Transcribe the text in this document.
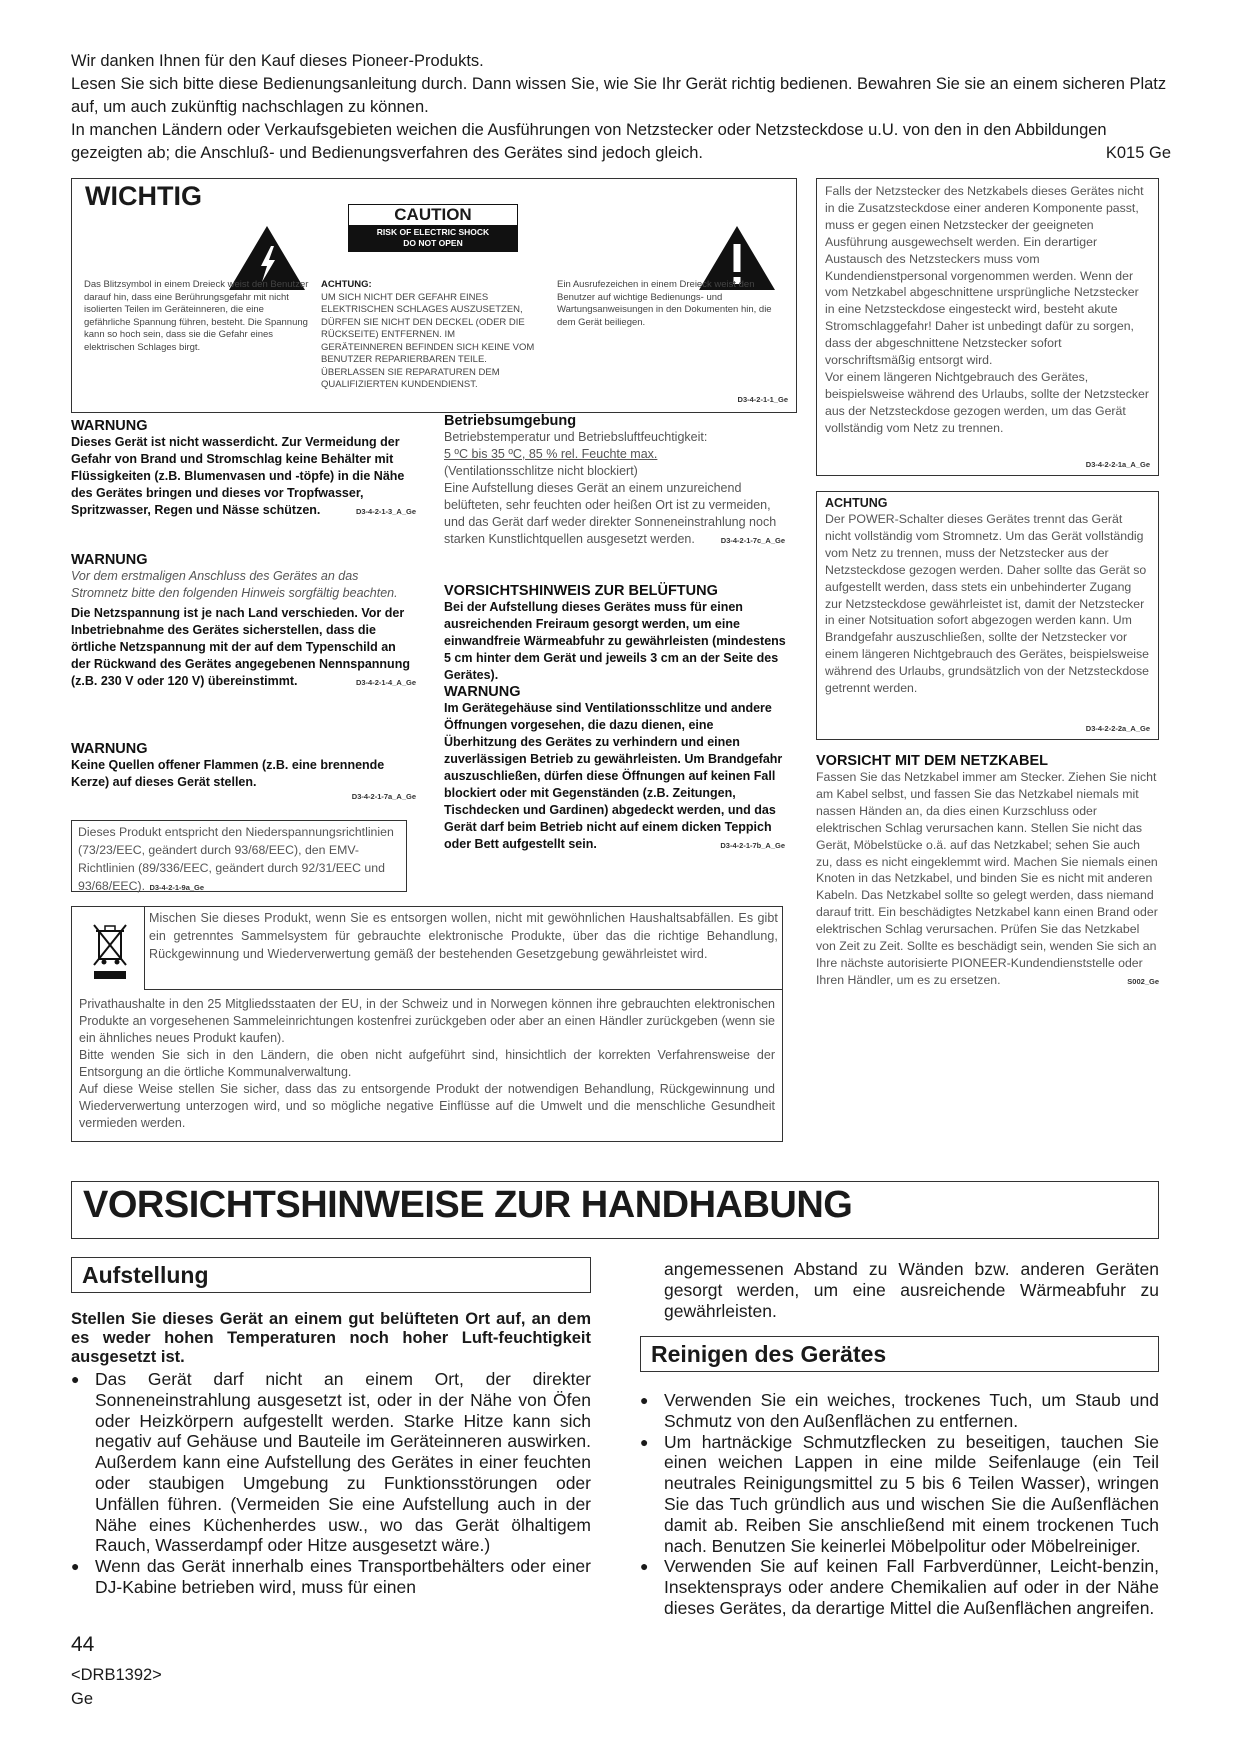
Wir danken Ihnen für den Kauf dieses Pioneer-Produkts.

Lesen Sie sich bitte diese Bedienungsanleitung durch. Dann wissen Sie, wie Sie Ihr Gerät richtig bedienen. Bewahren Sie sie an einem sicheren Platz auf, um auch zukünftig nachschlagen zu können.

In manchen Ländern oder Verkaufsgebieten weichen die Ausführungen von Netzstecker oder Netzsteckdose u.U. von den in den Abbildungen gezeigten ab; die Anschluß- und Bedienungsverfahren des Gerätes sind jedoch gleich.	K015 Ge
WICHTIG
CAUTION
RISK OF ELECTRIC SHOCK
DO NOT OPEN
Das Blitzsymbol in einem Dreieck weist den Benutzer darauf hin, dass eine Berührungsgefahr mit nicht isolierten Teilen im Geräteinneren, die eine gefährliche Spannung führen, besteht. Die Spannung kann so hoch sein, dass sie die Gefahr eines elektrischen Schlages birgt.
ACHTUNG:
UM SICH NICHT DER GEFAHR EINES ELEKTRISCHEN SCHLAGES AUSZUSETZEN, DÜRFEN SIE NICHT DEN DECKEL (ODER DIE RÜCKSEITE) ENTFERNEN. IM GERÄTEINNEREN BEFINDEN SICH KEINE VOM BENUTZER REPARIERBAREN TEILE. ÜBERLASSEN SIE REPARATUREN DEM QUALIFIZIERTEN KUNDENDIENST.
Ein Ausrufezeichen in einem Dreieck weist den Benutzer auf wichtige Bedienungs- und Wartungsanweisungen in den Dokumenten hin, die dem Gerät beiliegen.
D3-4-2-1-1_Ge

Falls der Netzstecker des Netzkabels dieses Gerätes nicht in die Zusatzsteckdose einer anderen Komponente passt, muss er gegen einen Netzstecker der geeigneten Ausführung ausgewechselt werden. Ein derartiger Austausch des Netzsteckers muss vom Kundendienstpersonal vorgenommen werden. Wenn der vom Netzkabel abgeschnittene ursprüngliche Netzstecker in eine Netzsteckdose eingesteckt wird, besteht akute Stromschlaggefahr! Daher ist unbedingt dafür zu sorgen, dass der abgeschnittene Netzstecker sofort vorschriftsmäßig entsorgt wird.

Vor einem längeren Nichtgebrauch des Gerätes, beispielsweise während des Urlaubs, sollte der Netzstecker aus der Netzsteckdose gezogen werden, um das Gerät vollständig vom Netz zu trennen.

D3-4-2-2-1a_A_Ge
WARNUNG
Dieses Gerät ist nicht wasserdicht. Zur Vermeidung der Gefahr von Brand und Stromschlag keine Behälter mit Flüssigkeiten (z.B. Blumenvasen und -töpfe) in die Nähe des Gerätes bringen und dieses vor Tropfwasser, Spritzwasser, Regen und Nässe schützen.	D3-4-2-1-3_A_Ge
WARNUNG
Vor dem erstmaligen Anschluss des Gerätes an das Stromnetz bitte den folgenden Hinweis sorgfältig beachten.
Die Netzspannung ist je nach Land verschieden. Vor der Inbetriebnahme des Gerätes sicherstellen, dass die örtliche Netzspannung mit der auf dem Typenschild an der Rückwand des Gerätes angegebenen Nennspannung (z.B. 230 V oder 120 V) übereinstimmt.	D3-4-2-1-4_A_Ge
WARNUNG
Keine Quellen offener Flammen (z.B. eine brennende Kerze) auf dieses Gerät stellen.
D3-4-2-1-7a_A_Ge
Dieses Produkt entspricht den Niederspannungsrichtlinien (73/23/EEC, geändert durch 93/68/EEC), den EMV-Richtlinien (89/336/EEC, geändert durch 92/31/EEC und 93/68/EEC). D3-4-2-1-9a_Ge
Betriebsumgebung
Betriebstemperatur und Betriebsluftfeuchtigkeit:
5 ºC bis 35 ºC, 85 % rel. Feuchte max.
(Ventilationsschlitze nicht blockiert)
Eine Aufstellung dieses Gerät an einem unzureichend belüfteten, sehr feuchten oder heißen Ort ist zu vermeiden, und das Gerät darf weder direkter Sonneneinstrahlung noch starken Kunstlichtquellen ausgesetzt werden.	D3-4-2-1-7c_A_Ge
VORSICHTSHINWEIS ZUR BELÜFTUNG
Bei der Aufstellung dieses Gerätes muss für einen ausreichenden Freiraum gesorgt werden, um eine einwandfreie Wärmeabfuhr zu gewährleisten (mindestens 5 cm hinter dem Gerät und jeweils 3 cm an der Seite des Gerätes).
WARNUNG
Im Gerätegehäuse sind Ventilationsschlitze und andere Öffnungen vorgesehen, die dazu dienen, eine Überhitzung des Gerätes zu verhindern und einen zuverlässigen Betrieb zu gewährleisten. Um Brandgefahr auszuschließen, dürfen diese Öffnungen auf keinen Fall blockiert oder mit Gegenständen (z.B. Zeitungen, Tischdecken und Gardinen) abgedeckt werden, und das Gerät darf beim Betrieb nicht auf einem dicken Teppich oder Bett aufgestellt sein.	D3-4-2-1-7b_A_Ge
ACHTUNG
Der POWER-Schalter dieses Gerätes trennt das Gerät nicht vollständig vom Stromnetz. Um das Gerät vollständig vom Netz zu trennen, muss der Netzstecker aus der Netzsteckdose gezogen werden. Daher sollte das Gerät so aufgestellt werden, dass stets ein unbehinderter Zugang zur Netzsteckdose gewährleistet ist, damit der Netzstecker in einer Notsituation sofort abgezogen werden kann. Um Brandgefahr auszuschließen, sollte der Netzstecker vor einem längeren Nichtgebrauch des Gerätes, beispielsweise während des Urlaubs, grundsätzlich von der Netzsteckdose getrennt werden.
D3-4-2-2-2a_A_Ge
VORSICHT MIT DEM NETZKABEL
Fassen Sie das Netzkabel immer am Stecker. Ziehen Sie nicht am Kabel selbst, und fassen Sie das Netzkabel niemals mit nassen Händen an, da dies einen Kurzschluss oder elektrischen Schlag verursachen kann. Stellen Sie nicht das Gerät, Möbelstücke o.ä. auf das Netzkabel; sehen Sie auch zu, dass es nicht eingeklemmt wird. Machen Sie niemals einen Knoten in das Netzkabel, und binden Sie es nicht mit anderen Kabeln. Das Netzkabel sollte so gelegt werden, dass niemand darauf tritt. Ein beschädigtes Netzkabel kann einen Brand oder elektrischen Schlag verursachen. Prüfen Sie das Netzkabel von Zeit zu Zeit. Sollte es beschädigt sein, wenden Sie sich an Ihre nächste autorisierte PIONEER-Kundendienststelle oder Ihren Händler, um es zu ersetzen.	S002_Ge

Mischen Sie dieses Produkt, wenn Sie es entsorgen wollen, nicht mit gewöhnlichen Haushaltsabfällen. Es gibt ein getrenntes Sammelsystem für gebrauchte elektronische Produkte, über das die richtige Behandlung, Rückgewinnung und Wiederverwertung gemäß der bestehenden Gesetzgebung gewährleistet wird.

Privathaushalte in den 25 Mitgliedsstaaten der EU, in der Schweiz und in Norwegen können ihre gebrauchten elektronischen Produkte an vorgesehenen Sammeleinrichtungen kostenfrei zurückgeben oder aber an einen Händler zurückgeben (wenn sie ein ähnliches neues Produkt kaufen).

Bitte wenden Sie sich in den Ländern, die oben nicht aufgeführt sind, hinsichtlich der korrekten Verfahrensweise der Entsorgung an die örtliche Kommunalverwaltung.

Auf diese Weise stellen Sie sicher, dass das zu entsorgende Produkt der notwendigen Behandlung, Rückgewinnung und Wiederverwertung unterzogen wird, und so mögliche negative Einflüsse auf die Umwelt und die menschliche Gesundheit vermieden werden.

VORSICHTSHINWEISE ZUR HANDHABUNG
Aufstellung

Stellen Sie dieses Gerät an einem gut belüfteten Ort auf, an dem es weder hohen Temperaturen noch hoher Luft-feuchtigkeit ausgesetzt ist.

● Das Gerät darf nicht an einem Ort, der direkter Sonneneinstrahlung ausgesetzt ist, oder in der Nähe von Öfen oder Heizkörpern aufgestellt werden. Starke Hitze kann sich negativ auf Gehäuse und Bauteile im Geräteinneren auswirken. Außerdem kann eine Aufstellung des Gerätes in einer feuchten oder staubigen Umgebung zu Funktionsstörungen oder Unfällen führen. (Vermeiden Sie eine Aufstellung auch in der Nähe eines Küchenherdes usw., wo das Gerät ölhaltigem Rauch, Wasserdampf oder Hitze ausgesetzt wäre.)
● Wenn das Gerät innerhalb eines Transportbehälters oder einer DJ-Kabine betrieben wird, muss für einen

angemessenen Abstand zu Wänden bzw. anderen Geräten gesorgt werden, um eine ausreichende Wärmeabfuhr zu gewährleisten.

Reinigen des Gerätes
● Verwenden Sie ein weiches, trockenes Tuch, um Staub und Schmutz von den Außenflächen zu entfernen.
● Um hartnäckige Schmutzflecken zu beseitigen, tauchen Sie einen weichen Lappen in eine milde Seifenlauge (ein Teil neutrales Reinigungsmittel zu 5 bis 6 Teilen Wasser), wringen Sie das Tuch gründlich aus und wischen Sie die Außenflächen damit ab. Reiben Sie anschließend mit einem trockenen Tuch nach. Benutzen Sie keinerlei Möbelpolitur oder Möbelreiniger.
● Verwenden Sie auf keinen Fall Farbverdünner, Leicht-benzin, Insektensprays oder andere Chemikalien auf oder in der Nähe dieses Gerätes, da derartige Mittel die Außenflächen angreifen.
44
<DRB1392>
Ge
